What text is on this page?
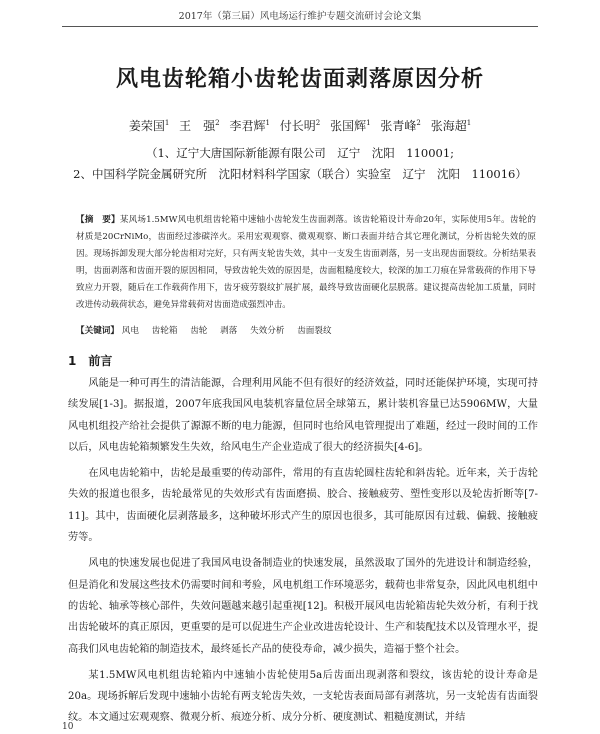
2017年（第三届）风电场运行维护专题交流研讨会论文集
风电齿轮箱小齿轮齿面剥落原因分析
姜荣国$^1$ 王　强$^2$ 李君辉$^1$ 付长明$^2$ 张国辉$^1$ 张青峰$^2$ 张海超$^1$
（1、辽宁大唐国际新能源有限公司　辽宁　沈阳　110001;
2、中国科学院金属研究所　沈阳材料科学国家（联合）实验室　辽宁　沈阳　110016）
【摘　要】某风场1.5MW风电机组齿轮箱中速轴小齿轮发生齿面剥落。该齿轮箱设计寿命20年，实际使用5年。齿轮的材质是20CrNiMo，齿面经过渗碳淬火。采用宏观观察、微观观察、断口表面并结合其它理化测试，分析齿轮失效的原因。现场拆卸发现大部分轮齿相对完好，只有两支轮齿失效，其中一支发生齿面剥落，另一支出现齿面裂纹。分析结果表明，齿面剥落和齿面开裂的原因相同，导致齿轮失效的原因是，齿面粗糙度较大，较深的加工刀痕在异常载荷的作用下导致应力开裂，随后在工作载荷作用下，齿牙疲劳裂纹扩展扩展，最终导致齿面硬化层脱落。建议提高齿轮加工质量，同时改进传动载荷状态，避免异常载荷对齿面造成强烈冲击。
【关键词】 风电 齿轮箱 齿轮 剥落 失效分析 齿面裂纹
1　前言

风能是一种可再生的清洁能源，合理利用风能不但有很好的经济效益，同时还能保护环境，实现可持续发展[1-3]。据报道，2007年底我国风电装机容量位居全球第五，累计装机容量已达5906MW，大量风电机组投产给社会提供了源源不断的电力能源，但同时也给风电管理提出了难题，经过一段时间的工作以后，风电齿轮箱频繁发生失效，给风电生产企业造成了很大的经济损失[4-6]。

在风电齿轮箱中，齿轮是最重要的传动部件，常用的有直齿轮圆柱齿轮和斜齿轮。近年来，关于齿轮失效的报道也很多，齿轮最常见的失效形式有齿面磨损、胶合、接触疲劳、塑性变形以及轮齿折断等[7-11]。其中，齿面硬化层剥落最多，这种破坏形式产生的原因也很多，其可能原因有过载、偏载、接触疲劳等。

风电的快速发展也促进了我国风电设备制造业的快速发展，虽然汲取了国外的先进设计和制造经验，但是消化和发展这些技术仍需要时间和考验，风电机组工作环境恶劣，载荷也非常复杂，因此风电机组中的齿轮、轴承等核心部件，失效问题越来越引起重视[12]。积极开展风电齿轮箱齿轮失效分析，有利于找出齿轮破坏的真正原因，更重要的是可以促进生产企业改进齿轮设计、生产和装配技术以及管理水平，提高我们风电齿轮箱的制造技术，最终延长产品的使役寿命，减少损失，造福于整个社会。

某1.5MW风电机组齿轮箱内中速轴小齿轮使用5a后齿面出现剥落和裂纹，该齿轮的设计寿命是20a。现场拆解后发现中速轴小齿轮有两支轮齿失效，一支轮齿表面局部有剥落坑，另一支轮齿有齿面裂纹。本文通过宏观观察、微观分析、痕迹分析、成分分析、硬度测试、粗糙度测试，并结

10
